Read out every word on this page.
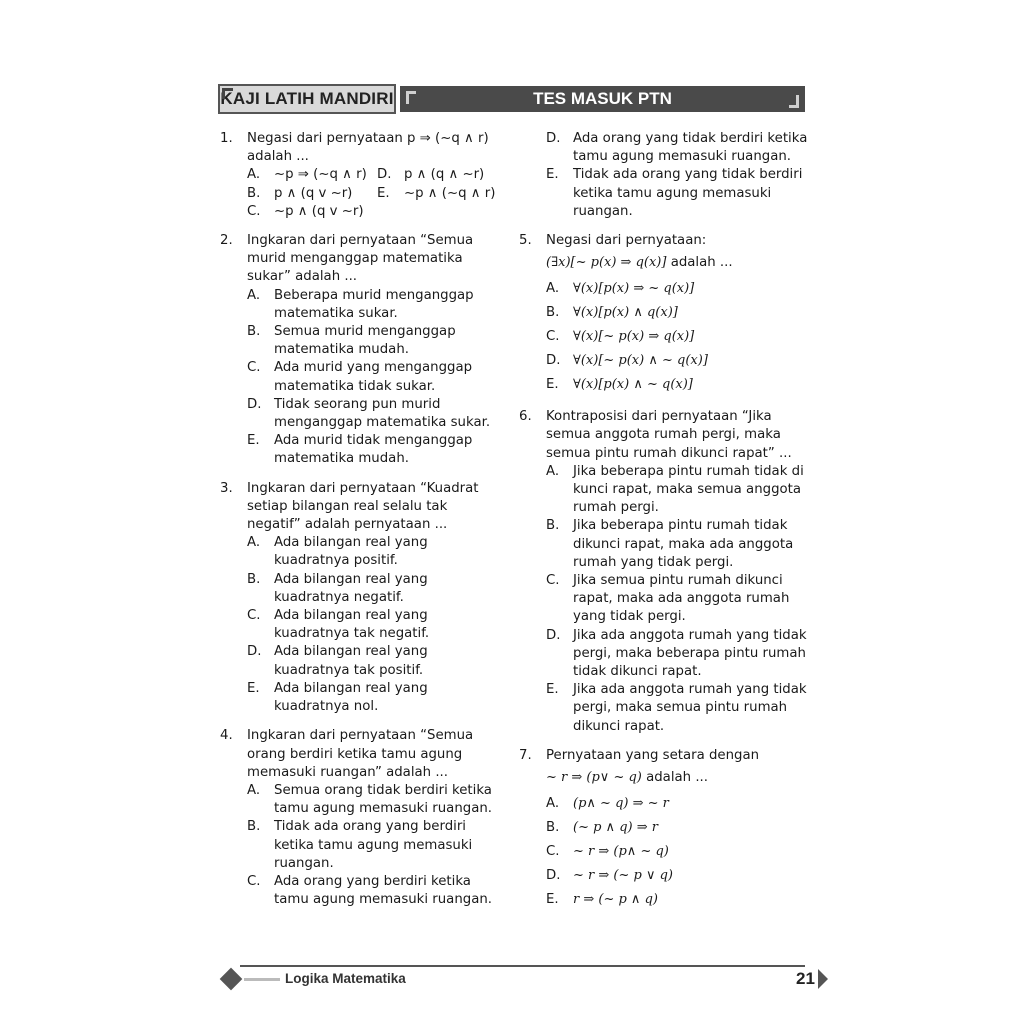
KAJI LATIH MANDIRI	TES MASUK PTN
1. Negasi dari pernyataan p ⇒ (~q ∧ r) adalah ...
A. ~p ⇒ (~q ∧ r) D. p ∧ (q ∧ ~r)
B. p ∧ (q v ~r)	E. ~p ∧ (~q ∧ r)
C. ~p ∧ (q v ~r)
2. Ingkaran dari pernyataan “Semua murid menganggap matematika sukar” adalah ...
A. Beberapa murid menganggap matematika sukar.
B. Semua murid menganggap matematika mudah.
C. Ada murid yang menganggap matematika tidak sukar.
D. Tidak seorang pun murid menganggap matematika sukar.
E. Ada murid tidak menganggap matematika mudah.
3. Ingkaran dari pernyataan “Kuadrat setiap bilangan real selalu tak negatif” adalah pernyataan ...
A. Ada bilangan real yang kuadratnya positif.
B. Ada bilangan real yang kuadratnya negatif.
C. Ada bilangan real yang kuadratnya tak negatif.
D. Ada bilangan real yang kuadratnya tak positif.
E. Ada bilangan real yang kuadratnya nol.
4. Ingkaran dari pernyataan “Semua orang berdiri ketika tamu agung memasuki ruangan” adalah ...
A. Semua orang tidak berdiri ketika tamu agung memasuki ruangan.
B. Tidak ada orang yang berdiri ketika tamu agung memasuki ruangan.
C. Ada orang yang berdiri ketika tamu agung memasuki ruangan.
D. Ada orang yang tidak berdiri ketika tamu agung memasuki ruangan.
E. Tidak ada orang yang tidak berdiri ketika tamu agung memasuki ruangan.
5. Negasi dari pernyataan:
(∃x)[~ p(x) ⇒ q(x)] adalah ...
A. ∀(x)[p(x) ⇒ ~ q(x)]
B. ∀(x)[p(x) ∧ q(x)]
C. ∀(x)[~ p(x) ⇒ q(x)]
D. ∀(x)[~ p(x) ∧ ~ q(x)]
E. ∀(x)[p(x) ∧ ~ q(x)]
6. Kontraposisi dari pernyataan “Jika semua anggota rumah pergi, maka semua pintu rumah dikunci rapat” ...
A. Jika beberapa pintu rumah tidak di kunci rapat, maka semua anggota rumah pergi.
B. Jika beberapa pintu rumah tidak dikunci rapat, maka ada anggota rumah yang tidak pergi.
C. Jika semua pintu rumah dikunci rapat, maka ada anggota rumah yang tidak pergi.
D. Jika ada anggota rumah yang tidak pergi, maka beberapa pintu rumah tidak dikunci rapat.
E. Jika ada anggota rumah yang tidak pergi, maka semua pintu rumah dikunci rapat.
7. Pernyataan yang setara dengan
~ r ⇒ (p∨ ~ q) adalah ...
A. (p∧ ~ q) ⇒ ~ r
B. (~ p ∧ q) ⇒ r
C. ~ r ⇒ (p∧ ~ q)
D. ~ r ⇒ (~ p ∨ q)
E. r ⇒ (~ p ∧ q)
Logika Matematika	21
